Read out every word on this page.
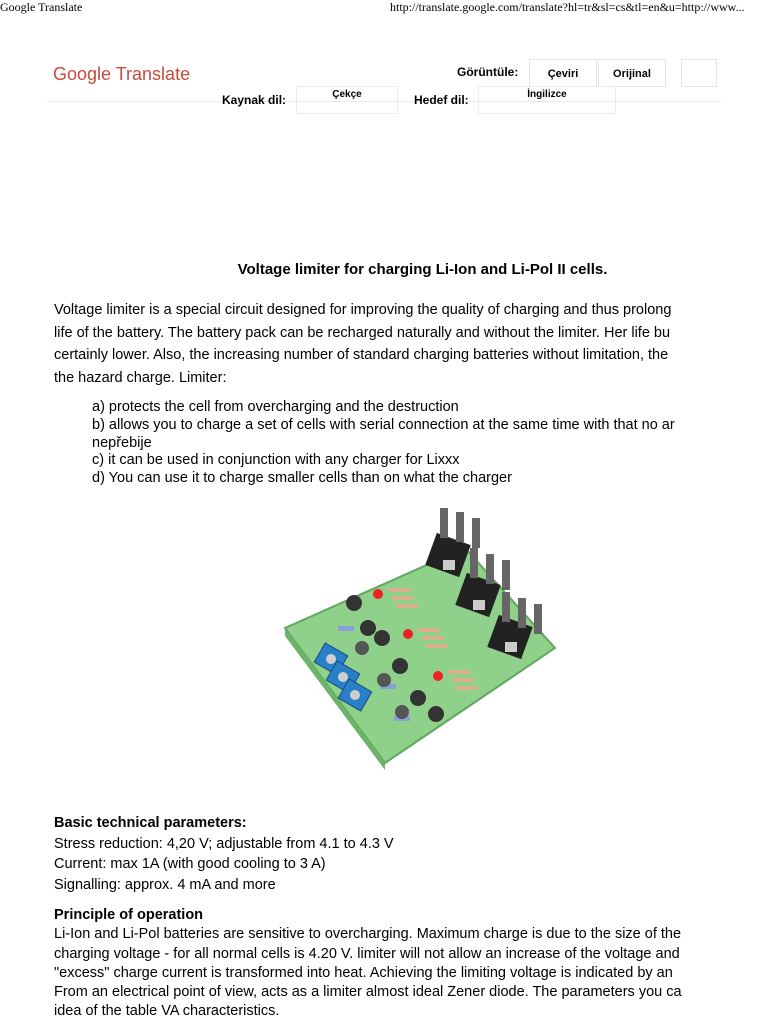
Google Translate	http://translate.google.com/translate?hl=tr&sl=cs&tl=en&u=http://www...
Google Translate	Görüntüle:	Çeviri	Orijinal
Kaynak dil:	Çekçe	Hedef dil:	İngilizce
Voltage limiter for charging Li-Ion and Li-Pol II cells.
Voltage limiter is a special circuit designed for improving the quality of charging and thus prolong
life of the battery. The battery pack can be recharged naturally and without the limiter. Her life bu
certainly lower. Also, the increasing number of standard charging batteries without limitation, the
the hazard charge. Limiter:
a) protects the cell from overcharging and the destruction
b) allows you to charge a set of cells with serial connection at the same time with that no ar
nepřebije
c) it can be used in conjunction with any charger for Lixxx
d) You can use it to charge smaller cells than on what the charger
Basic technical parameters:
Stress reduction: 4,20 V; adjustable from 4.1 to 4.3 V
Current: max 1A (with good cooling to 3 A)
Signalling: approx. 4 mA and more
Principle of operation
Li-Ion and Li-Pol batteries are sensitive to overcharging. Maximum charge is due to the size of the
charging voltage - for all normal cells is 4.20 V. limiter will not allow an increase of the voltage and
"excess" charge current is transformed into heat. Achieving the limiting voltage is indicated by an
From an electrical point of view, acts as a limiter almost ideal Zener diode. The parameters you ca
idea of the table VA characteristics.
